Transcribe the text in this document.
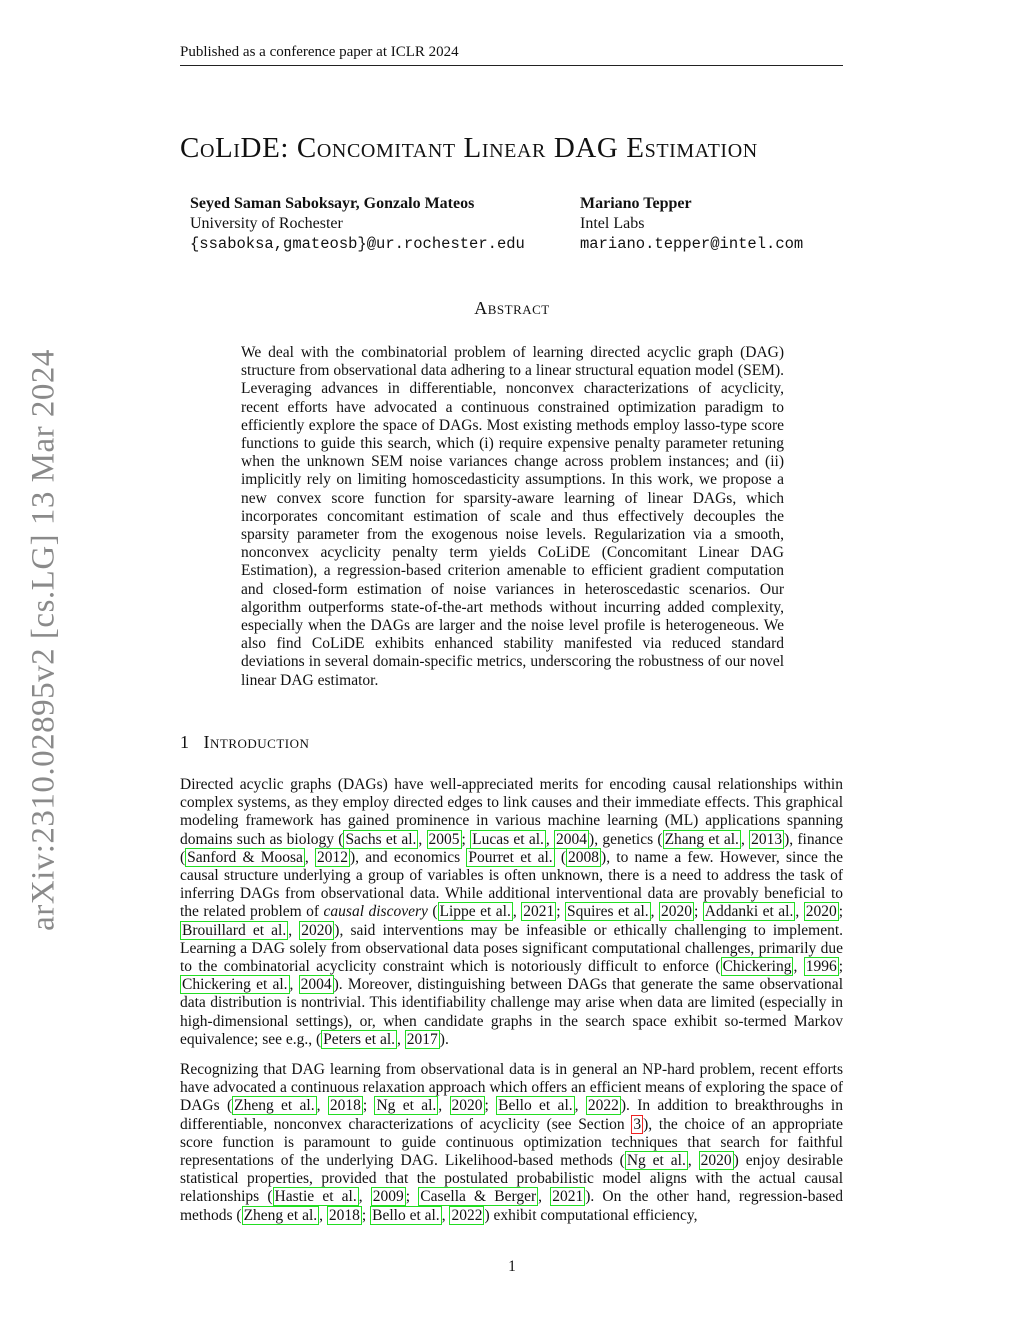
arXiv:2310.02895v2 [cs.LG] 13 Mar 2024
Published as a conference paper at ICLR 2024
CoLiDE: Concomitant Linear DAG Estimation
Seyed Saman Saboksayr, Gonzalo Mateos
University of Rochester
{ssaboksa,gmateosb}@ur.rochester.edu
Mariano Tepper
Intel Labs
mariano.tepper@intel.com
Abstract
We deal with the combinatorial problem of learning directed acyclic graph (DAG) structure from observational data adhering to a linear structural equation model (SEM). Leveraging advances in differentiable, nonconvex characterizations of acyclicity, recent efforts have advocated a continuous constrained optimization paradigm to efficiently explore the space of DAGs. Most existing methods employ lasso-type score functions to guide this search, which (i) require expensive penalty parameter retuning when the unknown SEM noise variances change across problem instances; and (ii) implicitly rely on limiting homoscedasticity assumptions. In this work, we propose a new convex score function for sparsity-aware learning of linear DAGs, which incorporates concomitant estimation of scale and thus effectively decouples the sparsity parameter from the exogenous noise levels. Regularization via a smooth, nonconvex acyclicity penalty term yields CoLiDE (Concomitant Linear DAG Estimation), a regression-based criterion amenable to efficient gradient computation and closed-form estimation of noise variances in heteroscedastic scenarios. Our algorithm outperforms state-of-the-art methods without incurring added complexity, especially when the DAGs are larger and the noise level profile is heterogeneous. We also find CoLiDE exhibits enhanced stability manifested via reduced standard deviations in several domain-specific metrics, underscoring the robustness of our novel linear DAG estimator.
1 Introduction
Directed acyclic graphs (DAGs) have well-appreciated merits for encoding causal relationships within complex systems, as they employ directed edges to link causes and their immediate effects. This graphical modeling framework has gained prominence in various machine learning (ML) applications spanning domains such as biology ( Sachs et al. , 2005 ; Lucas et al. , 2004 ), genetics ( Zhang et al. , 2013 ), finance ( Sanford & Moosa , 2012 ), and economics Pourret et al. ( 2008 ), to name a few. However, since the causal structure underlying a group of variables is often unknown, there is a need to address the task of inferring DAGs from observational data. While additional interventional data are provably beneficial to the related problem of causal discovery ( Lippe et al. , 2021 ; Squires et al. , 2020 ; Addanki et al. , 2020 ; Brouillard et al. , 2020 ), said interventions may be infeasible or ethically challenging to implement. Learning a DAG solely from observational data poses significant computational challenges, primarily due to the combinatorial acyclicity constraint which is notoriously difficult to enforce ( Chickering , 1996 ; Chickering et al. , 2004 ). Moreover, distinguishing between DAGs that generate the same observational data distribution is nontrivial. This identifiability challenge may arise when data are limited (especially in high-dimensional settings), or, when candidate graphs in the search space exhibit so-termed Markov equivalence; see e.g., ( Peters et al. , 2017 ).
Recognizing that DAG learning from observational data is in general an NP-hard problem, recent efforts have advocated a continuous relaxation approach which offers an efficient means of exploring the space of DAGs ( Zheng et al. , 2018 ; Ng et al. , 2020 ; Bello et al. , 2022 ). In addition to breakthroughs in differentiable, nonconvex characterizations of acyclicity (see Section 3 ), the choice of an appropriate score function is paramount to guide continuous optimization techniques that search for faithful representations of the underlying DAG. Likelihood-based methods ( Ng et al. , 2020 ) enjoy desirable statistical properties, provided that the postulated probabilistic model aligns with the actual causal relationships ( Hastie et al. , 2009 ; Casella & Berger , 2021 ). On the other hand, regression-based methods ( Zheng et al. , 2018 ; Bello et al. , 2022 ) exhibit computational efficiency,
1
